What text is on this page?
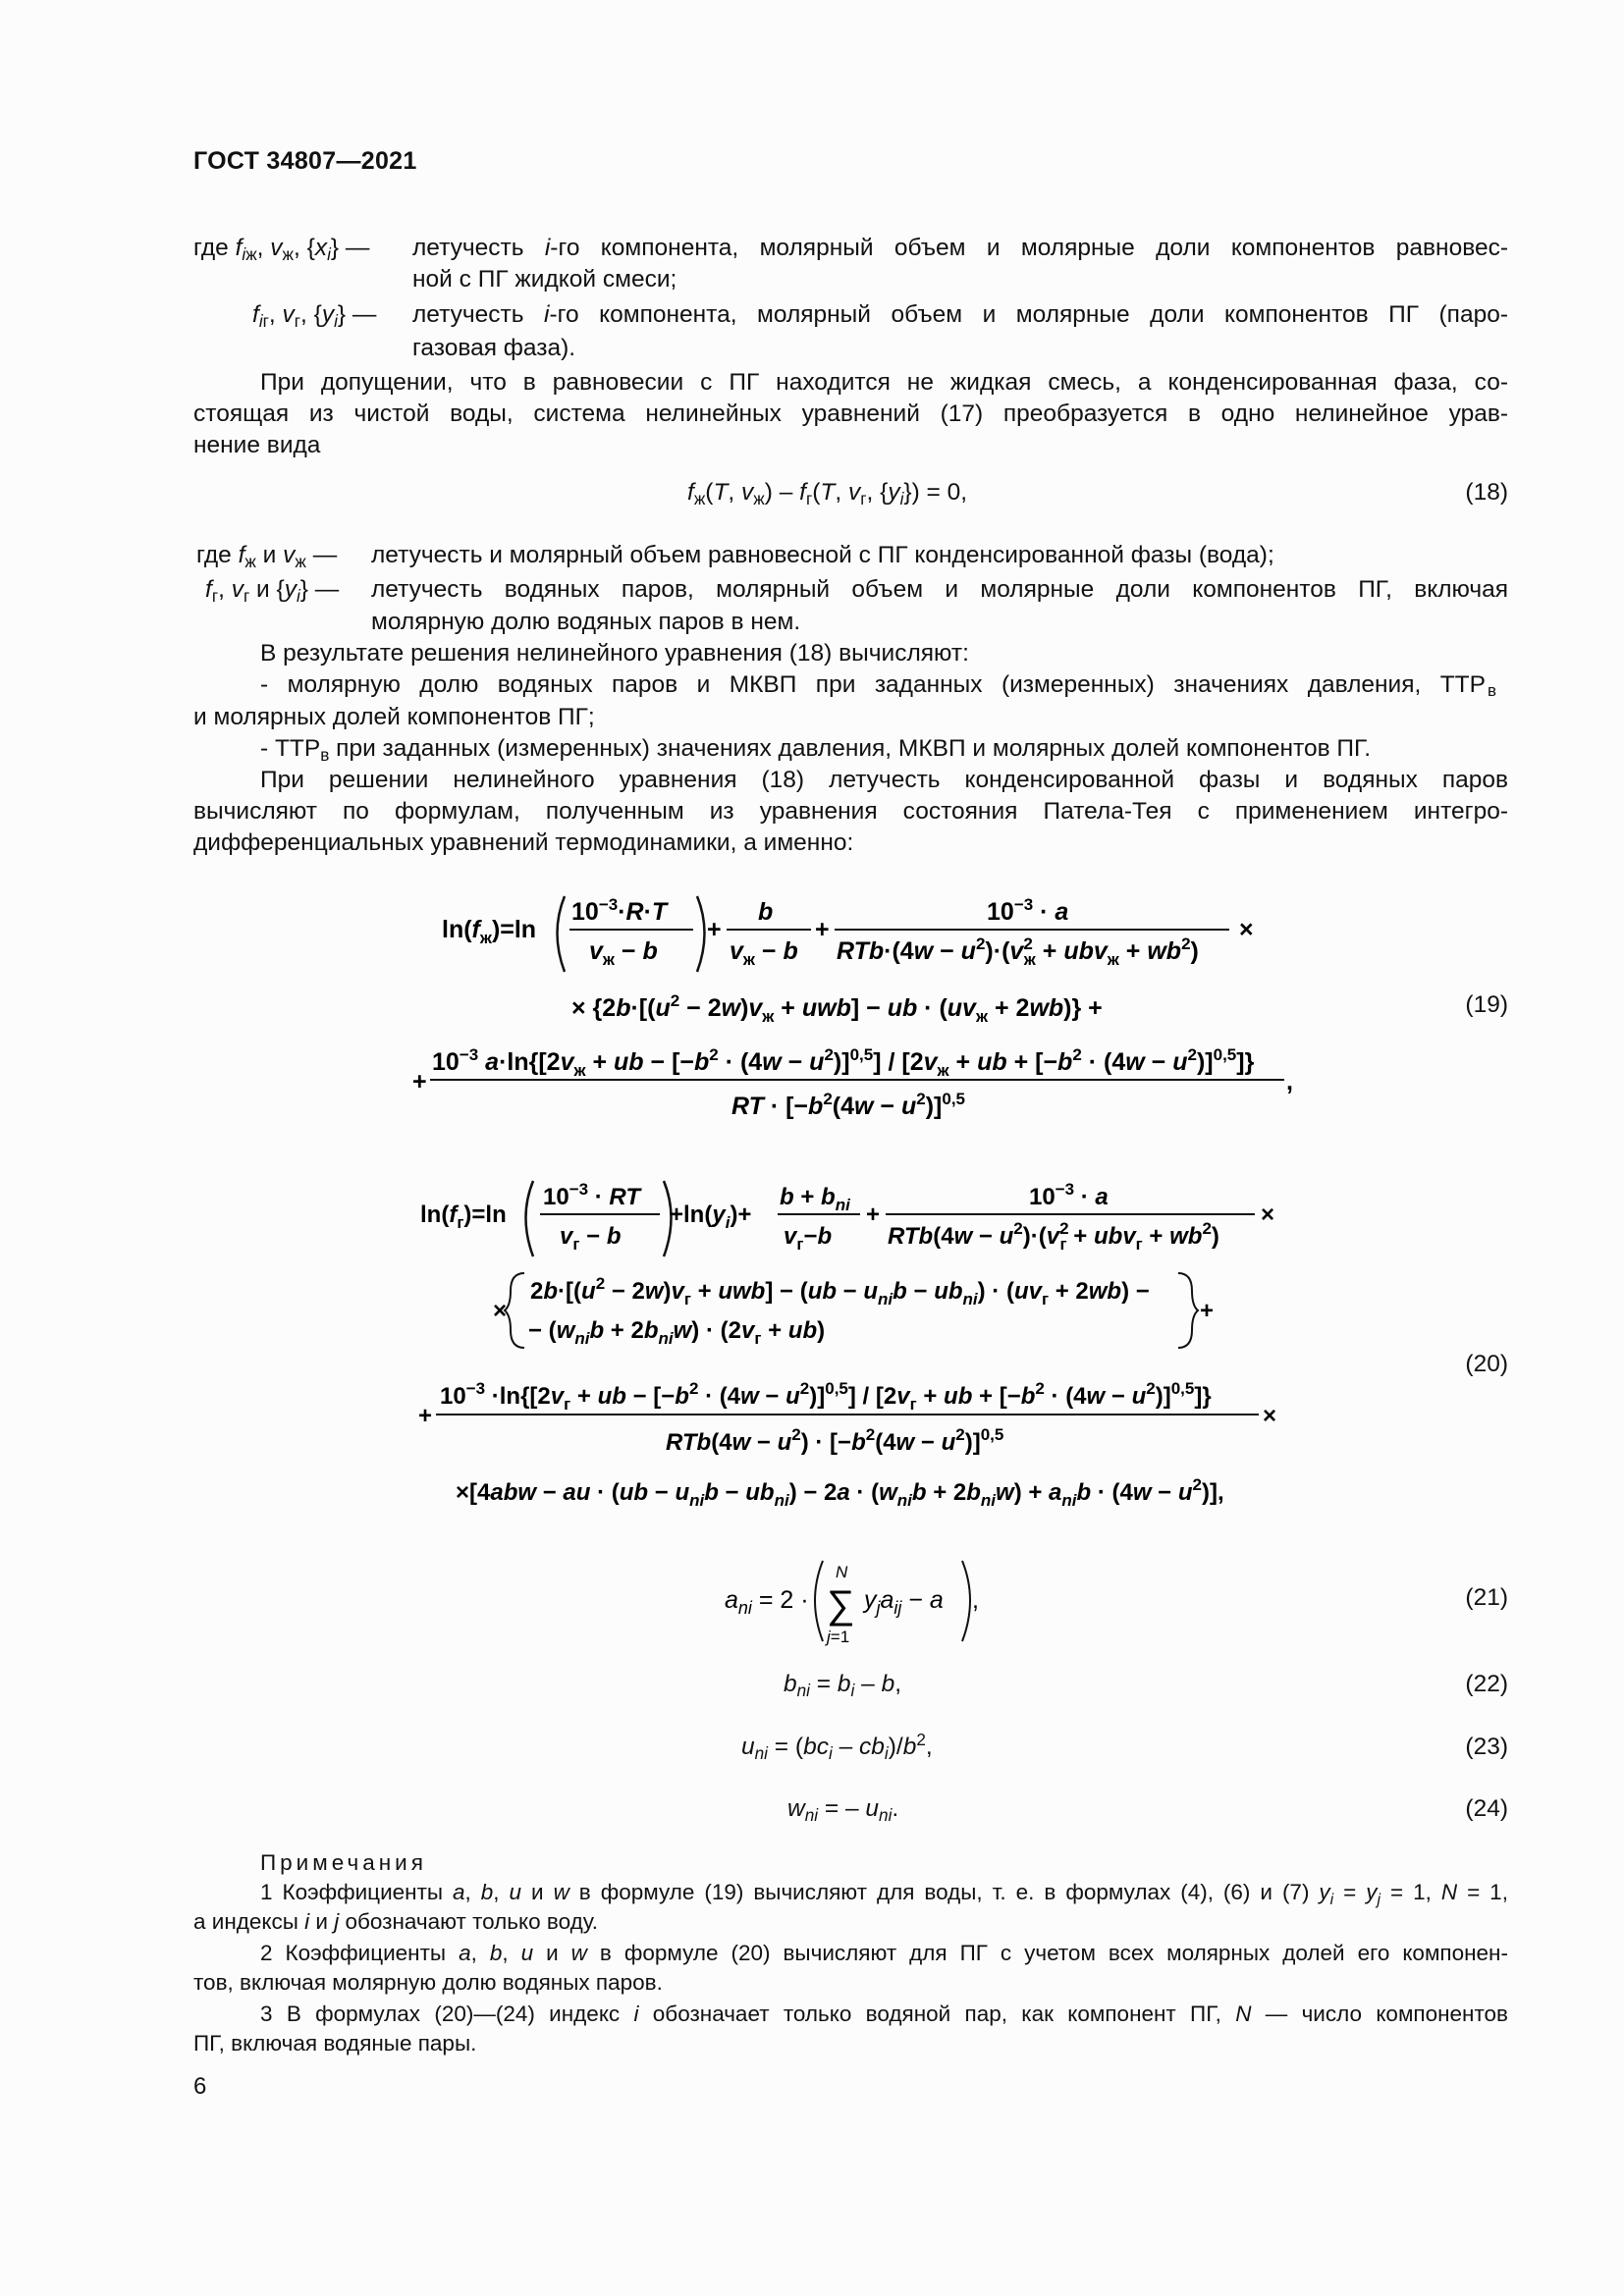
ГОСТ 34807—2021
где $f_{iж}$, $v_ж$, $\{x_i\}$ — летучесть i-го компонента, молярный объем и молярные доли компонентов равновес-
ной с ПГ жидкой смеси;
$f_{iг}$, $v_г$, $\{y_i\}$ — летучесть i-го компонента, молярный объем и молярные доли компонентов ПГ (паро-
газовая фаза).
При допущении, что в равновесии с ПГ находится не жидкая смесь, а конденсированная фаза, со-
стоящая из чистой воды, система нелинейных уравнений (17) преобразуется в одно нелинейное урав-
нение вида
$f_ж(T$, $v_ж) - f_г(T$, $v_г$, $\{y_i\}) = 0$,	(18)
где $f_ж$ и $v_ж$ — летучесть и молярный объем равновесной с ПГ конденсированной фазы (вода);
$f_г$, $v_г$ и $\{y_i\}$ — летучесть водяных паров, молярный объем и молярные доли компонентов ПГ, включая
молярную долю водяных паров в нем.
В результате решения нелинейного уравнения (18) вычисляют:
- молярную долю водяных паров и МКВП при заданных (измеренных) значениях давления, ТТР в
и молярных долей компонентов ПГ;
- $ТТР_в$ при заданных (измеренных) значениях давления, МКВП и молярных долей компонентов ПГ.
При решении нелинейного уравнения (18) летучесть конденсированной фазы и водяных паров
вычисляют по формулам, полученным из уравнения состояния Патела-Тея с применением интегро-
дифференциальных уравнений термодинамики, а именно:
$\ln(f_ж)=\ln$
$10^{-3}\cdot R\cdot T$
$v_ж - b$
+
b
$v_ж - b$
+
$10^{-3} \cdot a$
$RTb\cdot(4w - u^2)\cdot(v^2$ $ж + ubv_ж + wb^2$)
×
× {$2b\cdot[(u^2 - 2w)v_ж + uwb]$ − ub · $(uv_ж + 2wb)$} +
+
$10^{-3}$ $a\cdot\ln\{[2v_ж$ + ub − $[-b^2 \cdot (4w - u^2)]^{0,5}] / [2v_ж$ + ub + $[-b^2 \cdot (4w - u^2)]^{0,5}$]}
,
RT · $[-b^2(4w - u^2)]^{0,5}$
(19)
$\ln(f_г)=\ln$
$10^{-3}$ · RT
$v_г - b$
$+\ln(y_i)+$
$b + b_{ni}$
$v_г-b$
+
$10^{-3} \cdot a$
$RTb(4w - u^2)\cdot(v^2$ $г + ubv_г + wb^2$)
×
×
$2b\cdot[(u^2 - 2w)v_г + uwb] - (ub - u_{ni}b - ub_{ni}) \cdot (uv_г + 2wb)$ −
− $(w_{ni}b + 2b_{ni}w) \cdot (2v_г + ub)$
+
+
$10^{-3} \cdot\ln\{[2v_г$ + ub − $[-b^2 \cdot (4w - u^2)]^{0,5}] / [2v_г$ + ub + $[-b^2 \cdot (4w - u^2)]^{0,5}$]}
×
$RTb(4w - u^2) \cdot [-b^2(4w - u^2)]^{0,5}$
×[4abw − au · $(ub - u_{ni}b - ub_{ni}) - 2a \cdot (w_{ni}b + 2b_{ni}w) + a_{ni}b \cdot (4w - u^2)$],
(20)
$a_{ni} = 2$ ·
N
∑
j=1
$y_ja_{ij} - a$ ,	(21)
$b_{ni} = b_i - b$,	(22)
$u_{ni} = (bc_i - cb_i)/b^2$,	(23)
$w_{ni}$ = – $u_{ni}$.	(24)
Примечания
1 Коэффициенты a, b, u и w в формуле (19) вычисляют для воды, т. е. в формулах (4), (6) и (7) $y_i = y_j = 1$, N = 1,
а индексы i и j обозначают только воду.
2 Коэффициенты a, b, u и w в формуле (20) вычисляют для ПГ с учетом всех молярных долей его компонен-
тов, включая молярную долю водяных паров.
3 В формулах (20)—(24) индекс i обозначает только водяной пар, как компонент ПГ, N — число компонентов
ПГ, включая водяные пары.
6
